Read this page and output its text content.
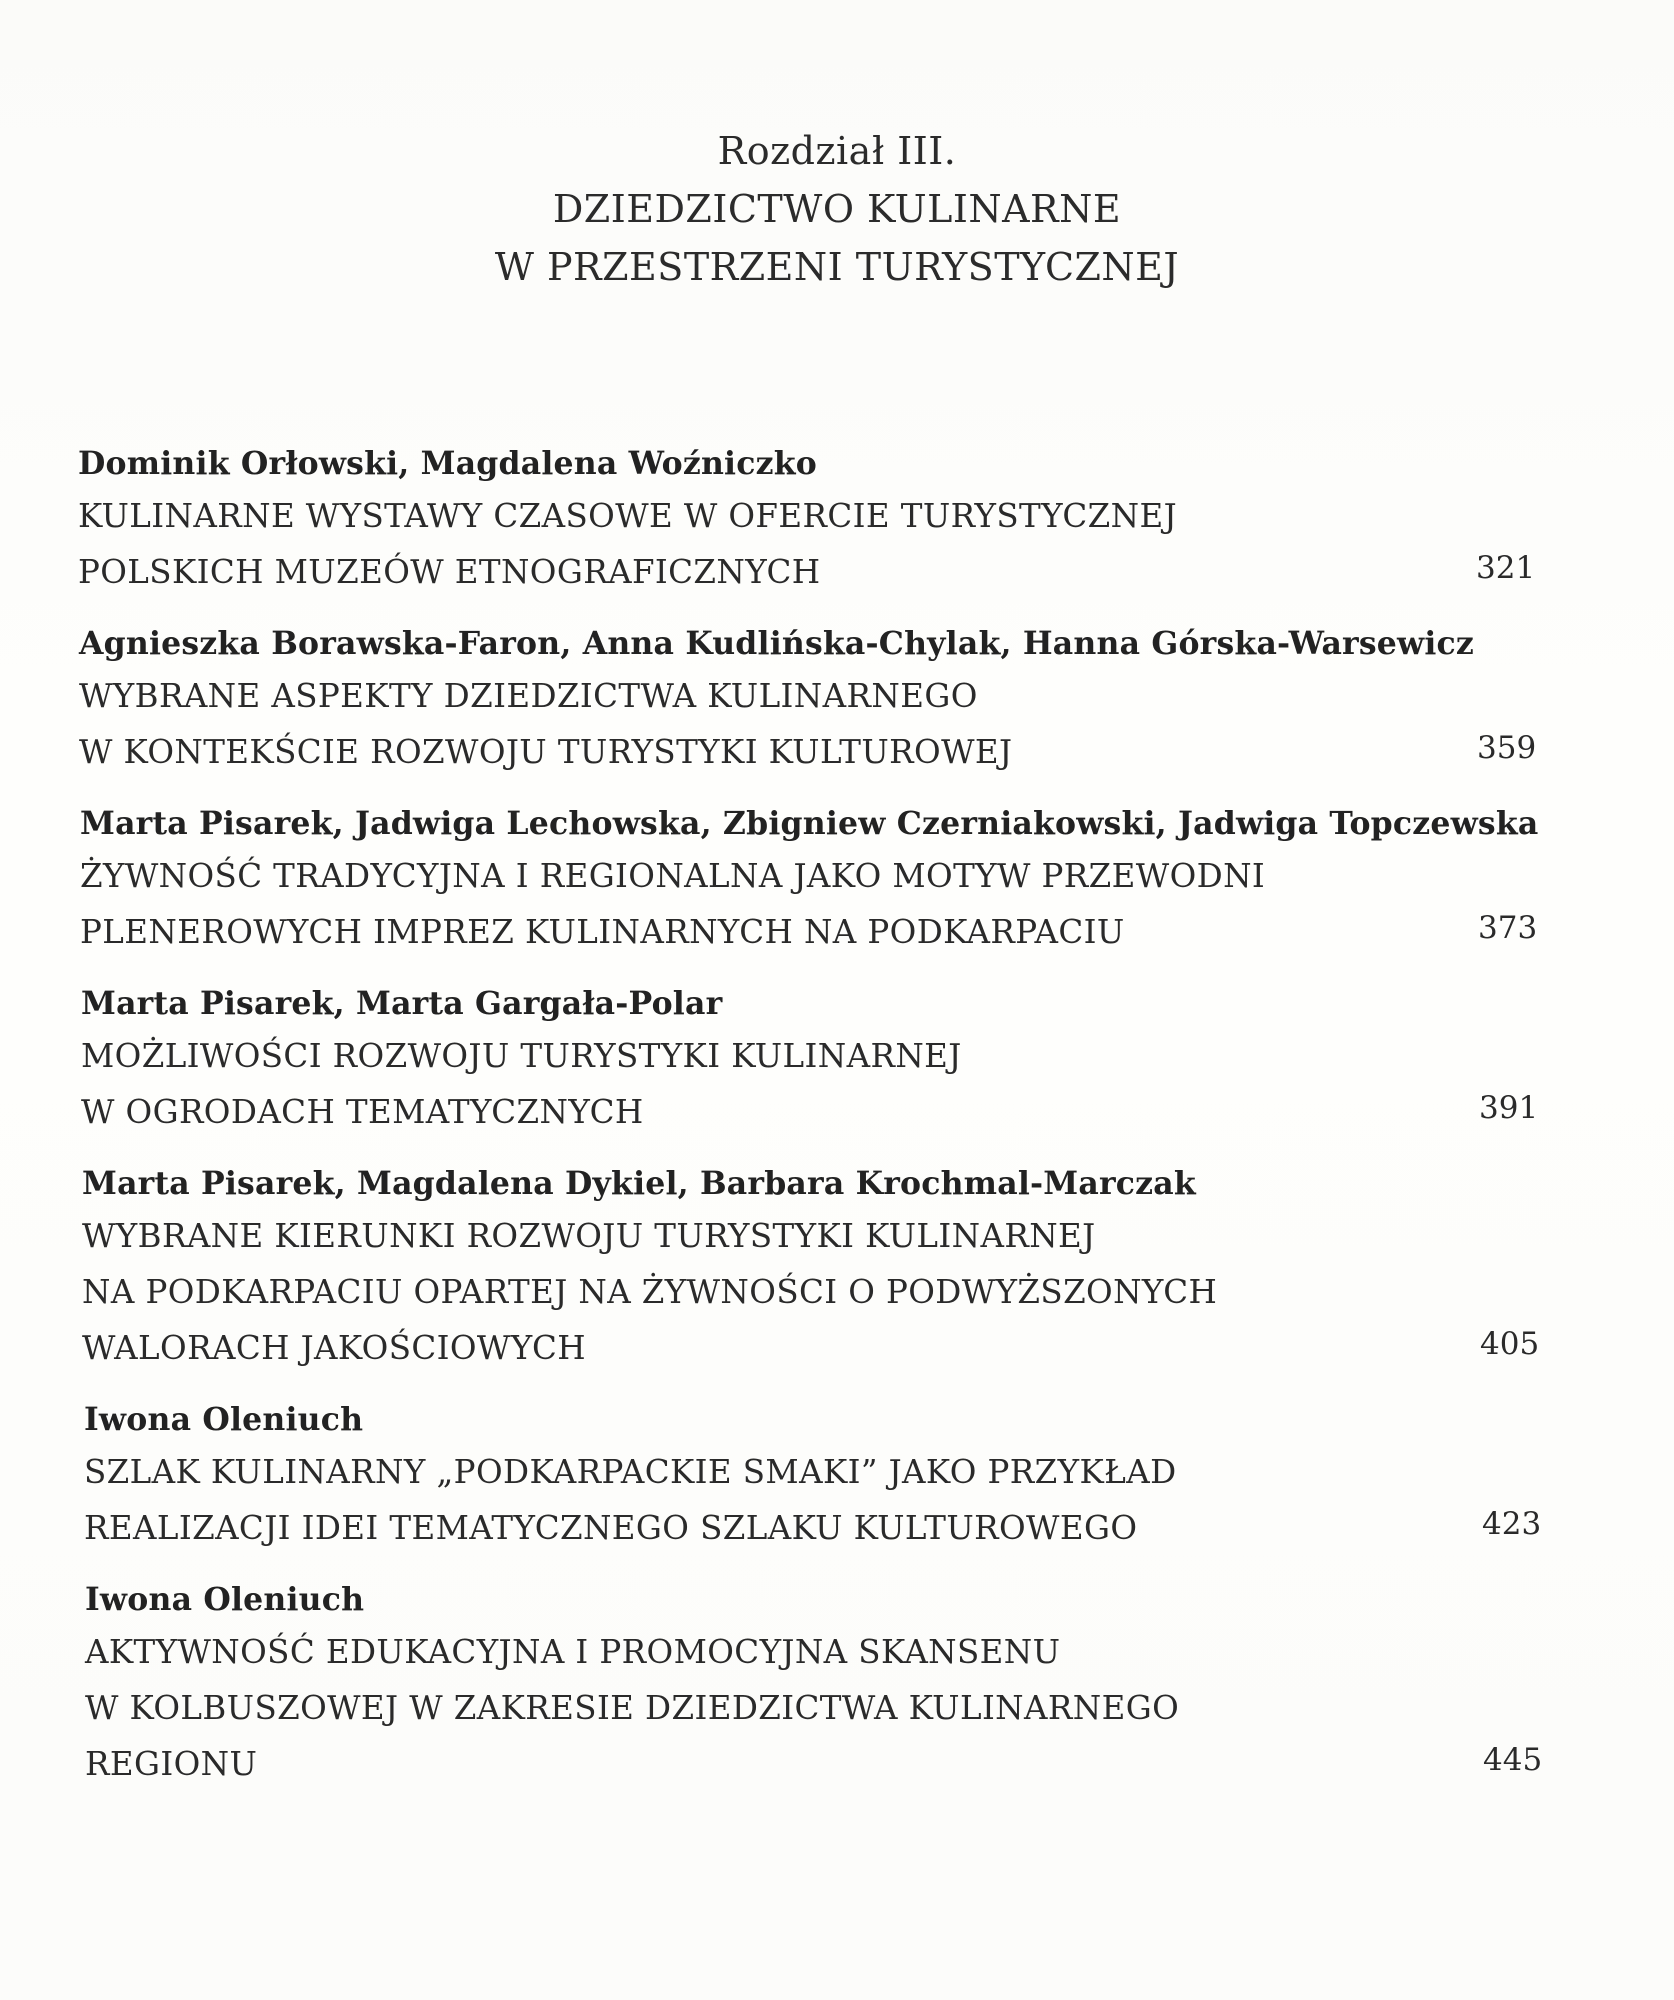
Rozdział III.
DZIEDZICTWO KULINARNE
W PRZESTRZENI TURYSTYCZNEJ
Dominik Orłowski, Magdalena Woźniczko
KULINARNE WYSTAWY CZASOWE W OFERCIE TURYSTYCZNEJ
POLSKICH MUZEÓW ETNOGRAFICZNYCH	321
Agnieszka Borawska-Faron, Anna Kudlińska-Chylak, Hanna Górska-Warsewicz
WYBRANE ASPEKTY DZIEDZICTWA KULINARNEGO
W KONTEKŚCIE ROZWOJU TURYSTYKI KULTUROWEJ	359
Marta Pisarek, Jadwiga Lechowska, Zbigniew Czerniakowski, Jadwiga Topczewska
ŻYWNOŚĆ TRADYCYJNA I REGIONALNA JAKO MOTYW PRZEWODNI
PLENEROWYCH IMPREZ KULINARNYCH NA PODKARPACIU	373
Marta Pisarek, Marta Gargała-Polar
MOŻLIWOŚCI ROZWOJU TURYSTYKI KULINARNEJ
W OGRODACH TEMATYCZNYCH	391
Marta Pisarek, Magdalena Dykiel, Barbara Krochmal-Marczak
WYBRANE KIERUNKI ROZWOJU TURYSTYKI KULINARNEJ
NA PODKARPACIU OPARTEJ NA ŻYWNOŚCI O PODWYŻSZONYCH
WALORACH JAKOŚCIOWYCH	405
Iwona Oleniuch
SZLAK KULINARNY „PODKARPACKIE SMAKI” JAKO PRZYKŁAD
REALIZACJI IDEI TEMATYCZNEGO SZLAKU KULTUROWEGO	423
Iwona Oleniuch
AKTYWNOŚĆ EDUKACYJNA I PROMOCYJNA SKANSENU
W KOLBUSZOWEJ W ZAKRESIE DZIEDZICTWA KULINARNEGO
REGIONU	445
